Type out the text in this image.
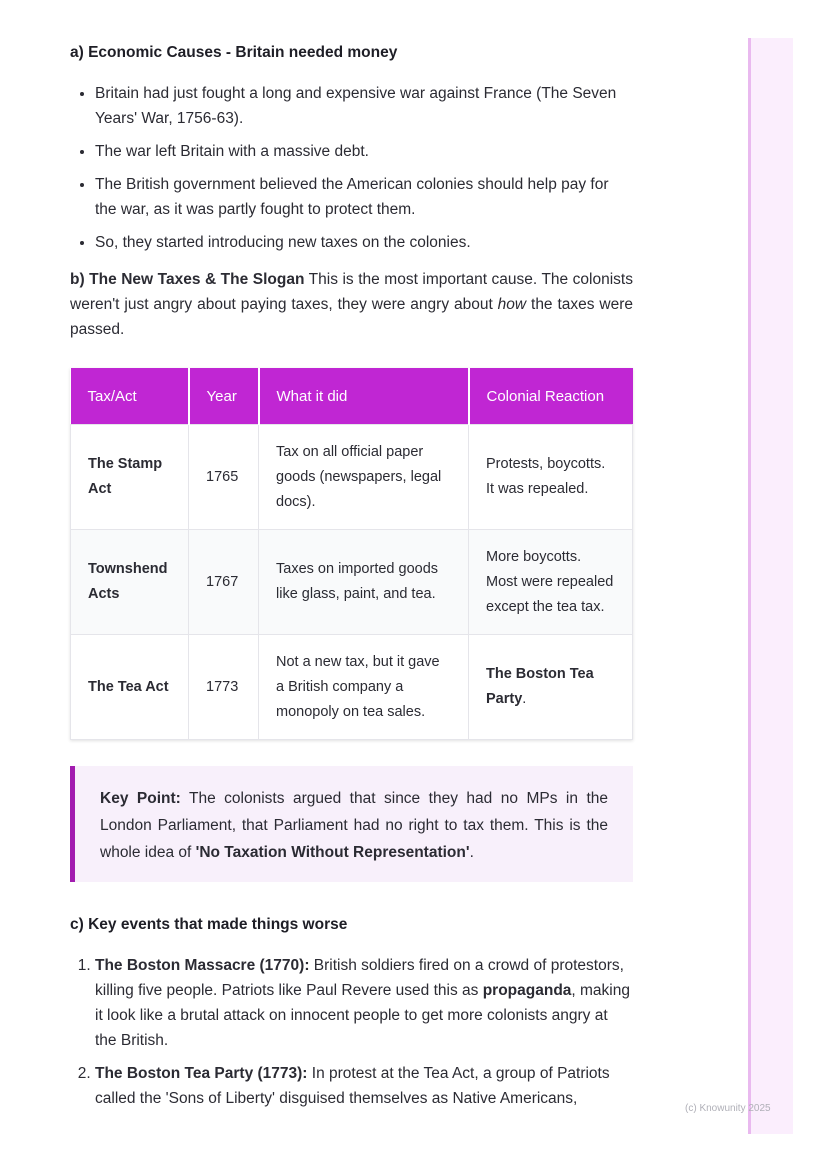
a) Economic Causes - Britain needed money
• Britain had just fought a long and expensive war against France (The Seven Years' War, 1756-63).
• The war left Britain with a massive debt.
• The British government believed the American colonies should help pay for the war, as it was partly fought to protect them.
• So, they started introducing new taxes on the colonies.

b) The New Taxes & The Slogan This is the most important cause. The colonists weren't just angry about paying taxes, they were angry about how the taxes were passed.

Tax/Act	Year	What it did	Colonial Reaction
The Stamp Act	1765	Tax on all official paper goods (newspapers, legal docs).	Protests, boycotts. It was repealed.
Townshend Acts	1767	Taxes on imported goods like glass, paint, and tea.	More boycotts. Most were repealed except the tea tax.
The Tea Act	1773	Not a new tax, but it gave a British company a monopoly on tea sales.	The Boston Tea Party.
Key Point: The colonists argued that since they had no MPs in the London Parliament, that Parliament had no right to tax them. This is the whole idea of 'No Taxation Without Representation'.
c) Key events that made things worse
1. The Boston Massacre (1770): British soldiers fired on a crowd of protestors, killing five people. Patriots like Paul Revere used this as propaganda, making it look like a brutal attack on innocent people to get more colonists angry at the British.
2. The Boston Tea Party (1773): In protest at the Tea Act, a group of Patriots called the 'Sons of Liberty' disguised themselves as Native Americans,
(c) Knowunity 2025
